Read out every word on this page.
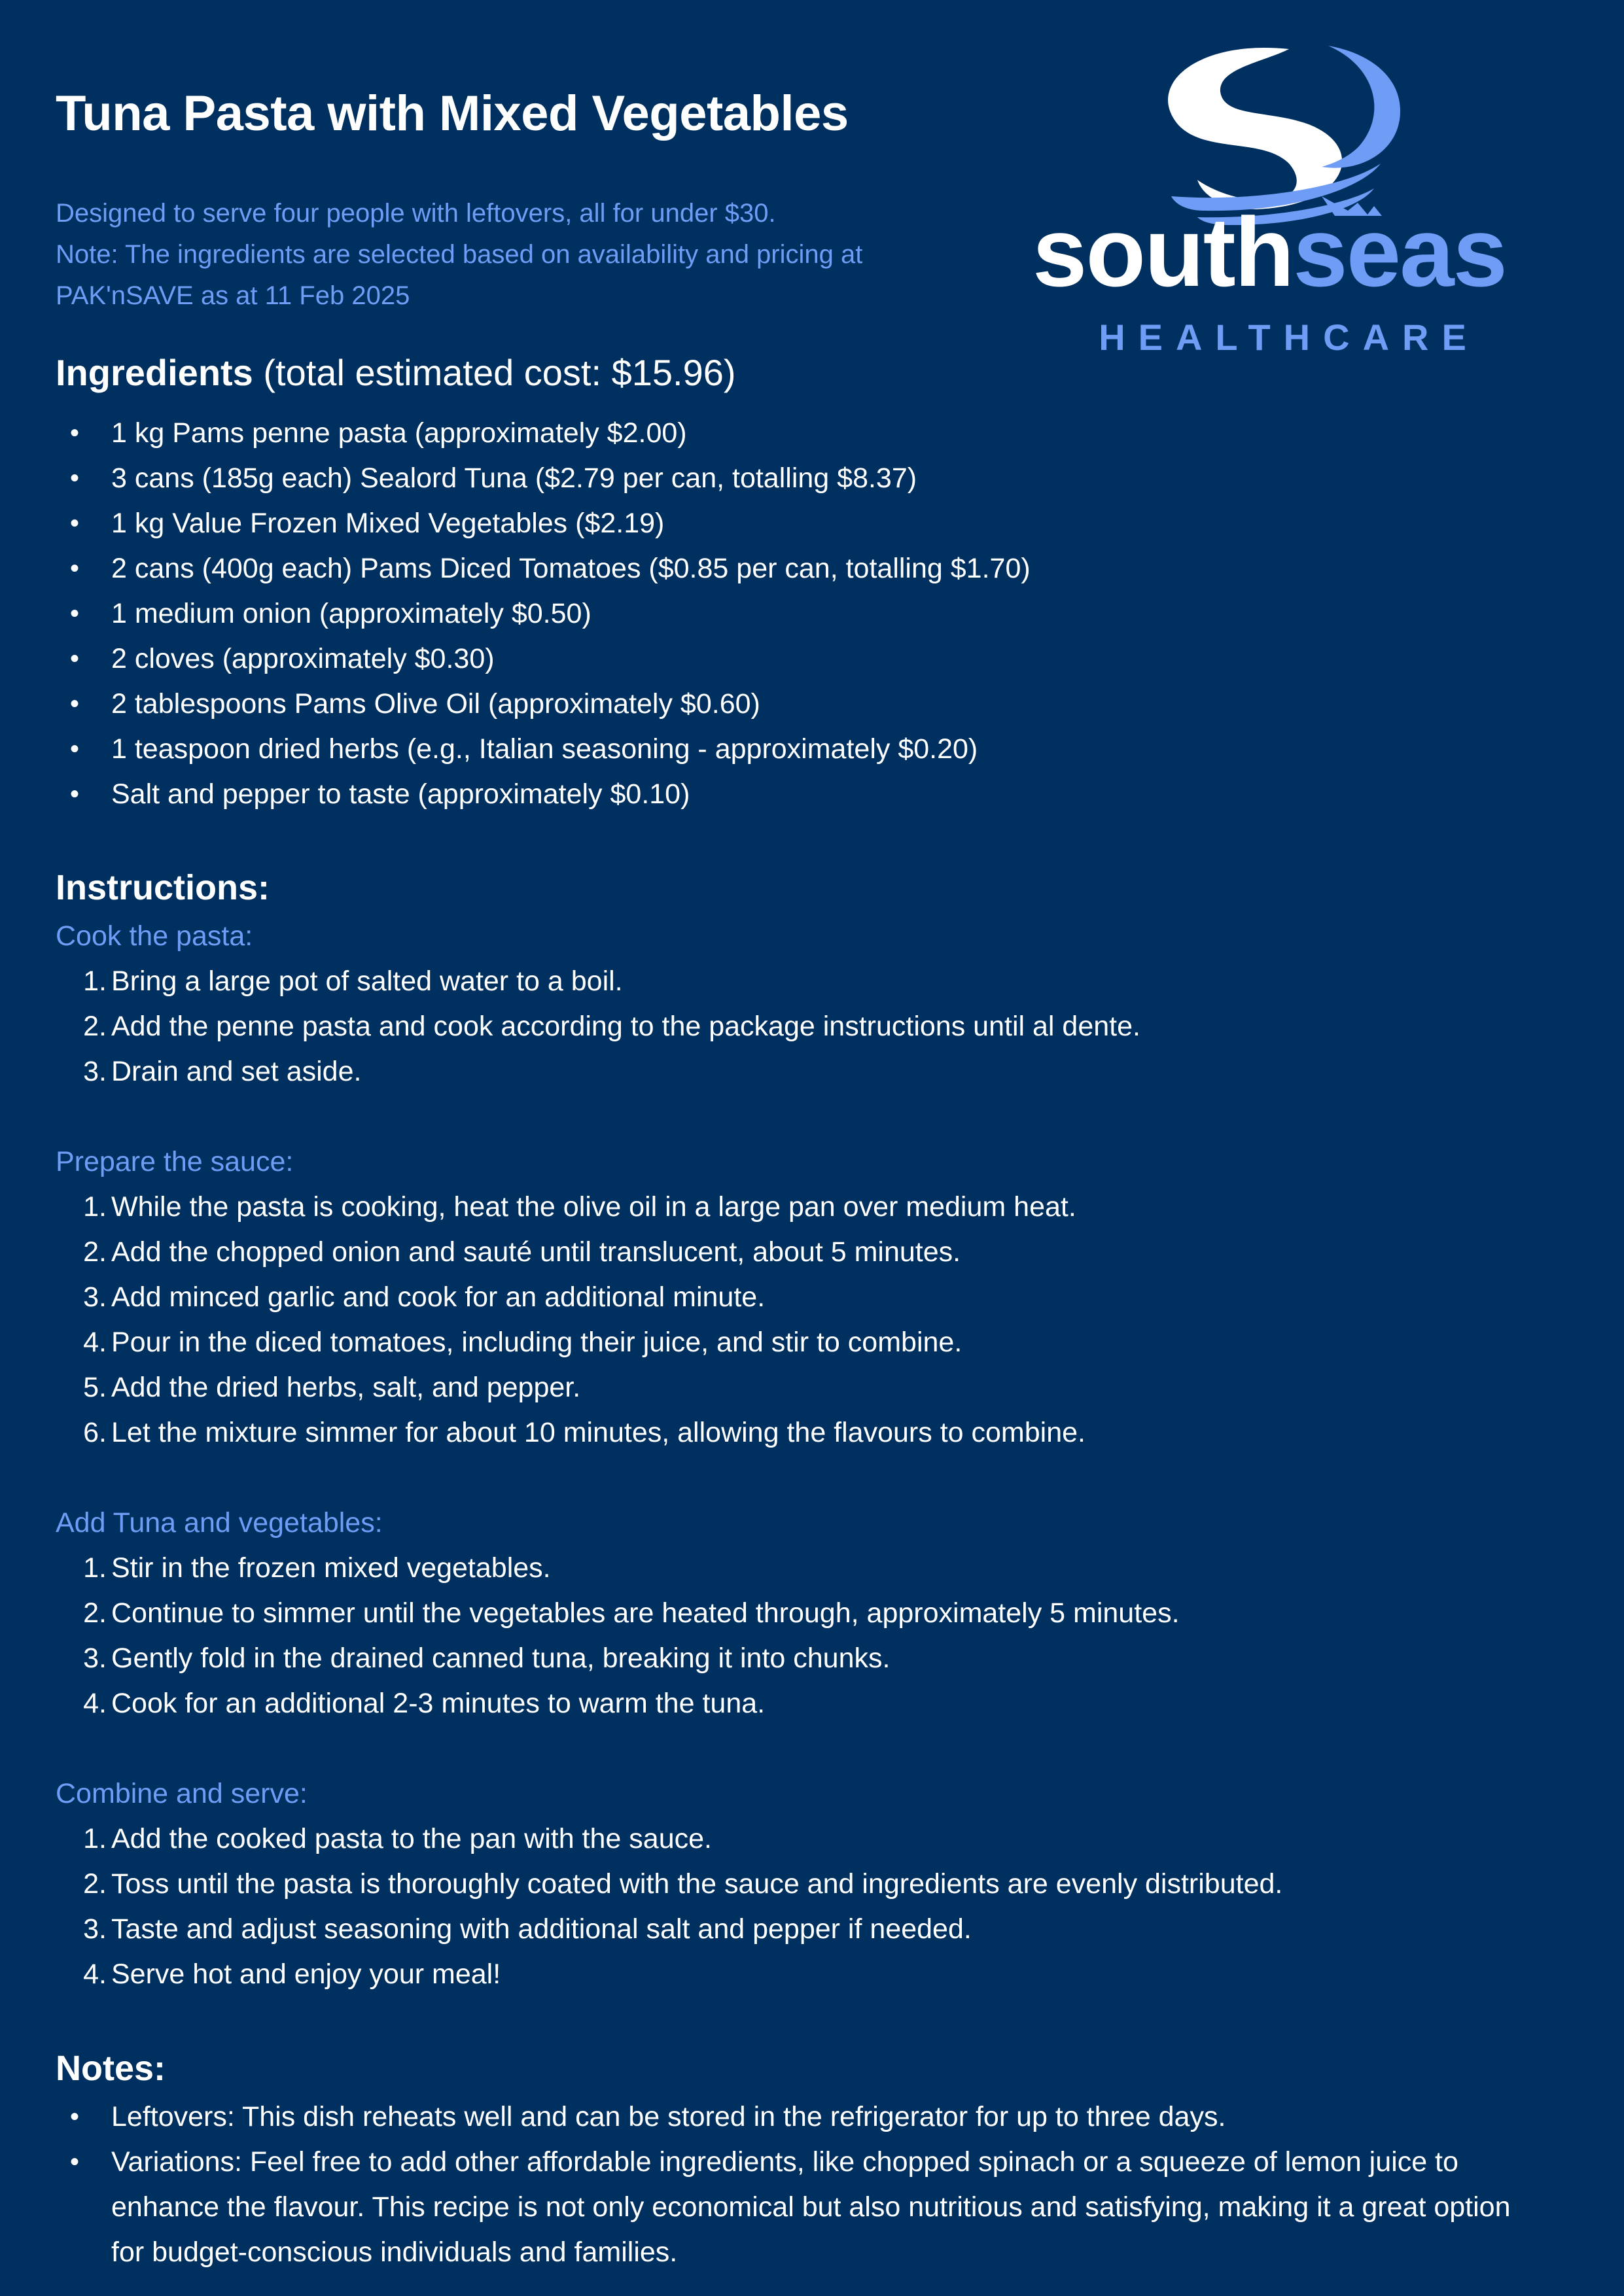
Tuna Pasta with Mixed Vegetables
Designed to serve four people with leftovers, all for under $30.
Note: The ingredients are selected based on availability and pricing at
PAK'nSAVE as at 11 Feb 2025	southseas
HEALTHCARE
Ingredients (total estimated cost: $15.96)
• 1 kg Pams penne pasta (approximately $2.00)
• 3 cans (185g each) Sealord Tuna ($2.79 per can, totalling $8.37)
• 1 kg Value Frozen Mixed Vegetables ($2.19)
• 2 cans (400g each) Pams Diced Tomatoes ($0.85 per can, totalling $1.70)
• 1 medium onion (approximately $0.50)
• 2 cloves (approximately $0.30)
• 2 tablespoons Pams Olive Oil (approximately $0.60)
• 1 teaspoon dried herbs (e.g., Italian seasoning - approximately $0.20)
• Salt and pepper to taste (approximately $0.10)
Instructions:
Cook the pasta:
1. Bring a large pot of salted water to a boil.
2. Add the penne pasta and cook according to the package instructions until al dente.
3. Drain and set aside.
Prepare the sauce:
1. While the pasta is cooking, heat the olive oil in a large pan over medium heat.
2. Add the chopped onion and sauté until translucent, about 5 minutes.
3. Add minced garlic and cook for an additional minute.
4. Pour in the diced tomatoes, including their juice, and stir to combine.
5. Add the dried herbs, salt, and pepper.
6. Let the mixture simmer for about 10 minutes, allowing the flavours to combine.
Add Tuna and vegetables:
1. Stir in the frozen mixed vegetables.
2. Continue to simmer until the vegetables are heated through, approximately 5 minutes.
3. Gently fold in the drained canned tuna, breaking it into chunks.
4. Cook for an additional 2-3 minutes to warm the tuna.
Combine and serve:
1. Add the cooked pasta to the pan with the sauce.
2. Toss until the pasta is thoroughly coated with the sauce and ingredients are evenly distributed.
3. Taste and adjust seasoning with additional salt and pepper if needed.
4. Serve hot and enjoy your meal!
Notes:
• Leftovers: This dish reheats well and can be stored in the refrigerator for up to three days.
• Variations: Feel free to add other affordable ingredients, like chopped spinach or a squeeze of lemon juice to
enhance the flavour. This recipe is not only economical but also nutritious and satisfying, making it a great option
for budget-conscious individuals and families.
